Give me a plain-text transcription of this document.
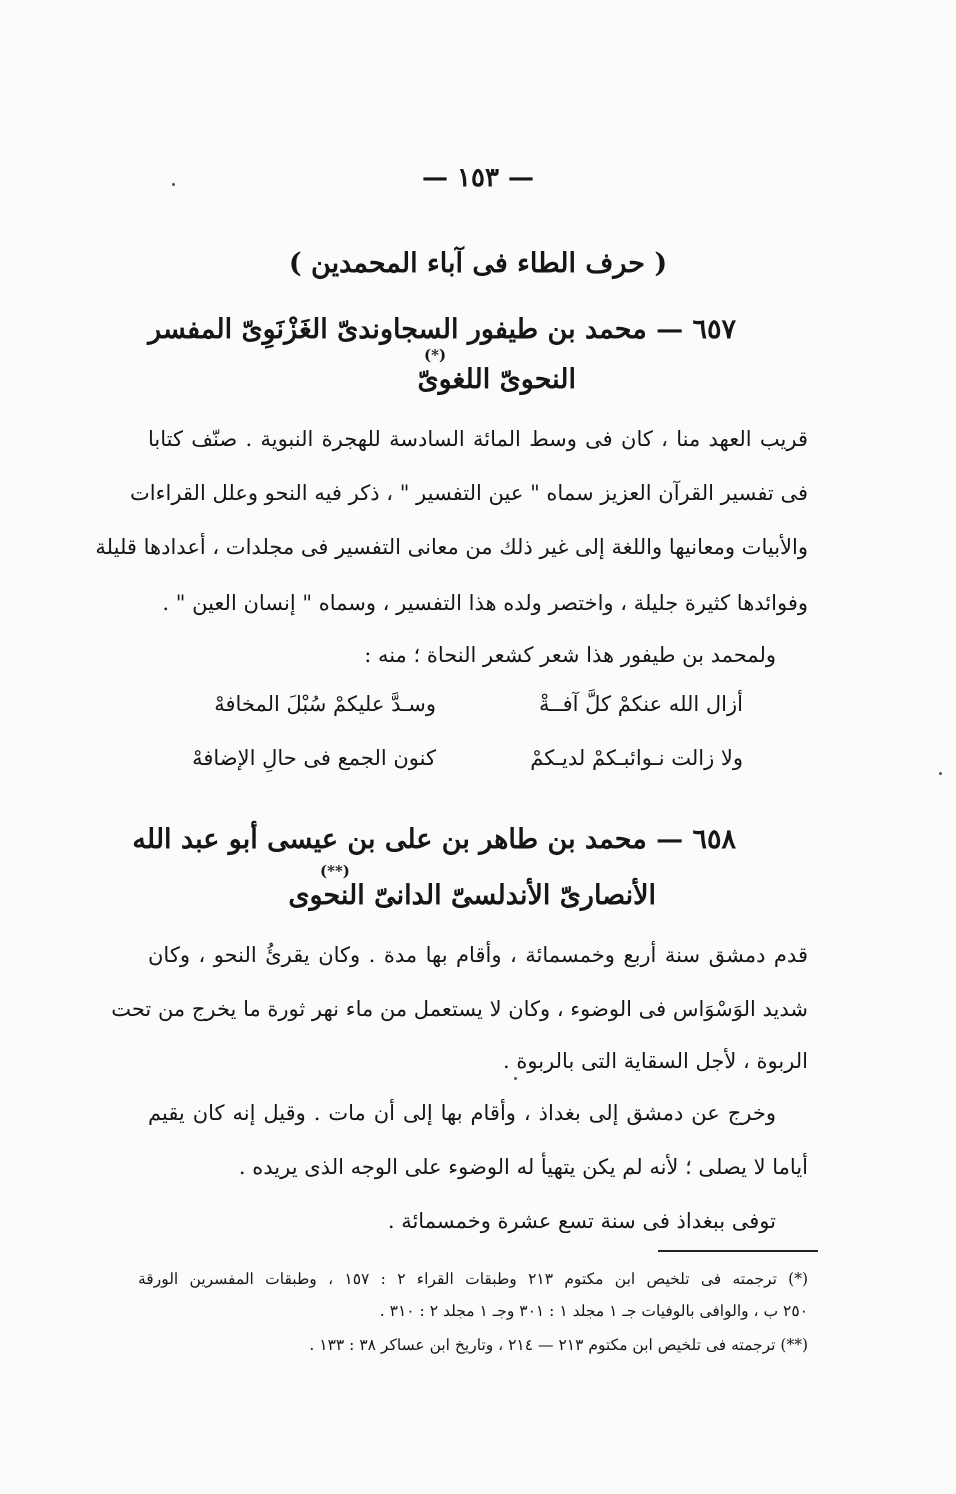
— ١٥٣ —
( حرف الطاء فى آباء المحمدين )
٦٥٧ — محمد بن طيفور السجاوندىّ الغَزْنَوِىّ المفسر
النحوىّ اللغوىّ
(*)
قريب العهد منا ، كان فى وسط المائة السادسة للهجرة النبوية . صنّف كتابا
فى تفسير القرآن العزيز سماه " عين التفسير " ، ذكر فيه النحو وعلل القراءات
والأبيات ومعانيها واللغة إلى غير ذلك من معانى التفسير فى مجلدات ، أعدادها قليلة
وفوائدها كثيرة جليلة ، واختصر ولده هذا التفسير ، وسماه " إنسان العين " .
ولمحمد بن طيفور هذا شعر كشعر النحاة ؛ منه :
أزال الله عنكمْ كلَّ آفــةْ
وسـدَّ عليكمْ سُبْلَ المخافهْ
ولا زالت نـوائبـكمْ لديـكمْ
كنون الجمع فى حالِ الإضافهْ
٦٥٨ — محمد بن طاهر بن على بن عيسى أبو عبد الله
الأنصارىّ الأندلسىّ الدانىّ النحوى
(**)
قدم دمشق سنة أربع وخمسمائة ، وأقام بها مدة . وكان يقرئُ النحو ، وكان
شديد الوَسْوَاس فى الوضوء ، وكان لا يستعمل من ماء نهر ثورة ما يخرج من تحت
الربوة ، لأجل السقاية التى بالربوة .
وخرج عن دمشق إلى بغداذ ، وأقام بها إلى أن مات . وقيل إنه كان يقيم
أياما لا يصلى ؛ لأنه لم يكن يتهيأ له الوضوء على الوجه الذى يريده .
توفى ببغداذ فى سنة تسع عشرة وخمسمائة .
(*) ترجمته فى تلخيص ابن مكتوم ٢١٣ وطبقات القراء ٢ : ١٥٧ ، وطبقات المفسرين الورقة
٢٥٠ ب ، والوافى بالوفيات جـ ١ مجلد ١ : ٣٠١ وجـ ١ مجلد ٢ : ٣١٠ .
(**) ترجمته فى تلخيص ابن مكتوم ٢١٣ — ٢١٤ ، وتاريخ ابن عساكر ٣٨ : ١٣٣ .
